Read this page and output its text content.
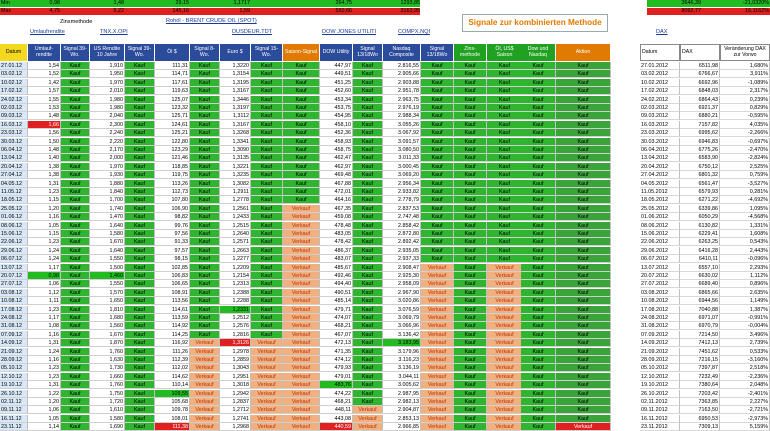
Min	0,98	1,48	29,15	1,1717	264,75	1293,85	3646,39	-21,0320%
Max	4,75	5,22	145,16	1,59	550,66	3163,95	8092,77	16,1162%
Zinsmethode
Umlaufrendite	TNX.X.OPI
Rohöl - BRENT CRUDE OIL (SPOT)
DUSDEUR.TDT	DOW JONES UTILITI	COMPX.NQI	DAX
Signale zur kombinierten Methode
Datum	Umlauf-rendite
Signal 39-Wo.
US Rendite 10 Jahre
Signal 39-Wo.	Öl $	Signal 8-Wo.	Euro $	Signal 15-Wo.	Saison-Signal	DOW Utility	Signal 13/18Wo
Nasdaq Composite
Signal 13/18Wo
Zins-methode
Öl, US$ Saison
Dow und Nasdaq	Aktion	Datum	DAX	Veränderung DAX zur Vorwo
27.01.12	1,54	Kauf	1,910	Kauf	111,31	Kauf	1,3220	Kauf	Kauf	447,97	Kauf	2.816,55	Kauf	Kauf	Kauf	Kauf	Kauf
03.02.12	1,52	Kauf	1,950	Kauf	114,71	Kauf	1,3154	Kauf	Kauf	449,51	Kauf	2.905,66	Kauf	Kauf	Kauf	Kauf	Kauf
10.02.12	1,42	Kauf	1,970	Kauf	117,61	Kauf	1,3195	Kauf	Kauf	451,25	Kauf	2.903,88	Kauf	Kauf	Kauf	Kauf	Kauf
17.02.12	1,57	Kauf	2,010	Kauf	119,63	Kauf	1,3167	Kauf	Kauf	452,60	Kauf	2.951,78	Kauf	Kauf	Kauf	Kauf	Kauf
24.02.12	1,55	Kauf	1,980	Kauf	125,07	Kauf	1,3446	Kauf	Kauf	453,34	Kauf	2.963,75	Kauf	Kauf	Kauf	Kauf	Kauf
02.03.12	1,53	Kauf	1,980	Kauf	123,32	Kauf	1,3197	Kauf	Kauf	453,75	Kauf	2.976,19	Kauf	Kauf	Kauf	Kauf	Kauf
09.03.12	1,48	Kauf	2,040	Kauf	125,71	Kauf	1,3112	Kauf	Kauf	454,95	Kauf	2.988,34	Kauf	Kauf	Kauf	Kauf	Kauf
16.03.12	1,66	Kauf	2,300	Kauf	124,61	Kauf	1,3167	Kauf	Kauf	458,10	Kauf	3.055,26	Kauf	Kauf	Kauf	Kauf	Kauf
23.03.12	1,56	Kauf	2,240	Kauf	125,21	Kauf	1,3268	Kauf	Kauf	452,36	Kauf	3.067,92	Kauf	Kauf	Kauf	Kauf	Kauf
30.03.12	1,50	Kauf	2,220	Kauf	122,80	Kauf	1,3341	Kauf	Kauf	458,93	Kauf	3.091,57	Kauf	Kauf	Kauf	Kauf	Kauf
06.04.12	1,48	Kauf	2,170	Kauf	123,29	Kauf	1,3090	Kauf	Kauf	458,75	Kauf	3.080,50	Kauf	Kauf	Kauf	Kauf	Kauf
13.04.12	1,40	Kauf	2,000	Kauf	121,46	Kauf	1,3135	Kauf	Kauf	462,47	Kauf	3.011,33	Kauf	Kauf	Kauf	Kauf	Kauf
20.04.12	1,38	Kauf	1,970	Kauf	118,85	Kauf	1,3221	Kauf	Kauf	462,97	Kauf	3.000,45	Kauf	Kauf	Kauf	Kauf	Kauf
27.04.12	1,38	Kauf	1,930	Kauf	119,75	Kauf	1,3235	Kauf	Kauf	469,48	Kauf	3.069,20	Kauf	Kauf	Kauf	Kauf	Kauf
04.05.12	1,31	Kauf	1,880	Kauf	113,26	Kauf	1,3082	Kauf	Kauf	467,88	Kauf	2.956,34	Kauf	Kauf	Kauf	Kauf	Kauf
11.05.12	1,23	Kauf	1,840	Kauf	112,73	Kauf	1,2911	Kauf	Kauf	472,01	Kauf	2.933,82	Kauf	Kauf	Kauf	Kauf	Kauf
18.05.12	1,15	Kauf	1,700	Kauf	107,80	Kauf	1,2778	Kauf	Kauf	464,16	Kauf	2.778,79	Kauf	Kauf	Kauf	Kauf	Kauf
25.05.12	1,20	Kauf	1,740	Kauf	106,90	Kauf	1,2561	Kauf	Verkauf	467,35	Kauf	2.837,53	Kauf	Kauf	Kauf	Kauf	Kauf
01.06.12	1,16	Kauf	1,470	Kauf	98,82	Kauf	1,2433	Kauf	Verkauf	459,08	Kauf	2.747,48	Kauf	Kauf	Kauf	Kauf	Kauf
08.06.12	1,05	Kauf	1,640	Kauf	99,76	Kauf	1,2515	Kauf	Verkauf	478,48	Kauf	2.858,42	Kauf	Kauf	Kauf	Kauf	Kauf
15.06.12	1,15	Kauf	1,580	Kauf	97,56	Kauf	1,2640	Kauf	Verkauf	483,05	Kauf	2.872,80	Kauf	Kauf	Kauf	Kauf	Kauf
22.06.12	1,23	Kauf	1,670	Kauf	91,33	Kauf	1,2571	Kauf	Verkauf	478,42	Kauf	2.892,42	Kauf	Kauf	Kauf	Kauf	Kauf
29.06.12	1,24	Kauf	1,640	Kauf	97,57	Kauf	1,2663	Kauf	Verkauf	486,37	Kauf	2.935,05	Kauf	Kauf	Kauf	Kauf	Kauf
06.07.12	1,24	Kauf	1,550	Kauf	98,15	Kauf	1,2277	Kauf	Verkauf	483,07	Kauf	2.937,33	Kauf	Kauf	Kauf	Kauf	Kauf
13.07.12	1,17	Kauf	1,500	Kauf	102,85	Kauf	1,2209	Kauf	Verkauf	485,67	Kauf	2.908,47	Verkauf	Kauf	Verkauf	Kauf	Kauf
20.07.12	0,98	Kauf	1,460	Kauf	106,83	Kauf	1,2154	Kauf	Verkauf	492,46	Kauf	2.925,30	Verkauf	Kauf	Verkauf	Kauf	Kauf
27.07.12	1,06	Kauf	1,550	Kauf	106,65	Kauf	1,2313	Kauf	Verkauf	494,40	Kauf	2.958,09	Verkauf	Kauf	Verkauf	Kauf	Kauf
03.08.12	1,12	Kauf	1,570	Kauf	108,91	Kauf	1,2388	Kauf	Verkauf	490,51	Kauf	2.967,90	Verkauf	Kauf	Verkauf	Kauf	Kauf
10.08.12	1,11	Kauf	1,650	Kauf	113,56	Kauf	1,2288	Kauf	Verkauf	485,14	Kauf	3.020,86	Verkauf	Kauf	Verkauf	Kauf	Kauf
17.08.12	1,23	Kauf	1,810	Kauf	114,61	Kauf	1,2331	Kauf	Verkauf	479,71	Kauf	3.076,59	Verkauf	Kauf	Verkauf	Kauf	Kauf
24.08.12	1,17	Kauf	1,680	Kauf	113,59	Kauf	1,2512	Kauf	Verkauf	474,07	Kauf	3.069,79	Verkauf	Kauf	Verkauf	Kauf	Kauf
31.08.12	1,08	Kauf	1,560	Kauf	114,92	Kauf	1,2576	Kauf	Verkauf	468,21	Kauf	3.066,96	Verkauf	Kauf	Verkauf	Kauf	Kauf
07.09.12	1,16	Kauf	1,670	Kauf	114,25	Kauf	1,2816	Kauf	Verkauf	467,07	Kauf	3.136,42	Verkauf	Kauf	Verkauf	Kauf	Kauf
14.09.12	1,31	Kauf	1,870	Kauf	116,92	Verkauf	1,3126	Verkauf	Verkauf	472,13	Kauf	3.183,95	Verkauf	Kauf	Verkauf	Kauf	Kauf
21.09.12	1,24	Kauf	1,760	Kauf	111,26	Verkauf	1,2978	Verkauf	Verkauf	471,35	Kauf	3.179,96	Verkauf	Kauf	Verkauf	Kauf	Kauf
28.09.12	1,16	Kauf	1,630	Kauf	112,39	Verkauf	1,2859	Verkauf	Verkauf	474,12	Kauf	3.116,23	Verkauf	Kauf	Verkauf	Kauf	Kauf
05.10.12	1,23	Kauf	1,730	Kauf	112,02	Verkauf	1,3043	Verkauf	Verkauf	479,93	Kauf	3.136,19	Verkauf	Kauf	Verkauf	Kauf	Kauf
12.10.12	1,23	Kauf	1,660	Kauf	114,62	Verkauf	1,2951	Verkauf	Verkauf	479,01	Kauf	3.044,11	Verkauf	Kauf	Verkauf	Kauf	Kauf
19.10.12	1,31	Kauf	1,760	Kauf	110,14	Verkauf	1,3018	Verkauf	Verkauf	483,76	Kauf	3.005,62	Verkauf	Kauf	Verkauf	Kauf	Kauf
26.10.12	1,22	Kauf	1,750	Kauf	109,55	Verkauf	1,2942	Verkauf	Verkauf	474,22	Kauf	2.987,95	Verkauf	Kauf	Verkauf	Kauf	Kauf
02.11.12	1,20	Kauf	1,720	Kauf	105,68	Verkauf	1,2837	Verkauf	Verkauf	468,21	Kauf	2.982,13	Verkauf	Kauf	Verkauf	Kauf	Kauf
09.11.12	1,06	Kauf	1,610	Kauf	109,78	Verkauf	1,2712	Verkauf	Verkauf	448,11	Verkauf	2.904,87	Verkauf	Kauf	Verkauf	Kauf	Kauf
16.11.12	1,05	Kauf	1,580	Kauf	108,01	Verkauf	1,2741	Verkauf	Verkauf	443,08	Verkauf	2.853,13	Verkauf	Kauf	Verkauf	Kauf	Kauf
23.11.12	1,14	Kauf	1,690	Kauf	111,38	Verkauf	1,2968	Verkauf	Verkauf	440,59	Verkauf	2.966,85	Verkauf	Kauf	Verkauf	Kauf	Verkauf
27.01.2012	6511,98	1,680%
03.02.2012	6766,67	3,911%
10.02.2012	6692,96	-1,089%
17.02.2012	6848,03	2,317%
24.02.2012	6864,43	0,239%
02.03.2012	6921,37	0,829%
09.03.2012	6880,21	-0,595%
16.03.2012	7157,82	4,035%
23.03.2012	6995,62	-2,266%
30.03.2012	6946,83	-0,697%
06.04.2012	6775,26	-2,470%
13.04.2012	6583,90	-2,824%
20.04.2012	6750,12	2,525%
27.04.2012	6801,32	0,759%
04.05.2012	6561,47	-3,527%
11.05.2012	6579,93	0,281%
18.05.2012	6271,22	-4,692%
25.05.2012	6339,86	1,095%
01.06.2012	6050,29	-4,568%
08.06.2012	6130,82	1,331%
15.06.2012	6229,41	1,608%
22.06.2012	6263,25	0,543%
29.06.2012	6416,28	2,443%
06.07.2012	6410,11	-0,096%
13.07.2012	6557,10	2,293%
20.07.2012	6630,02	1,112%
27.07.2012	6689,40	0,896%
03.08.2012	6865,66	2,635%
10.08.2012	6944,56	1,149%
17.08.2012	7040,88	1,387%
24.08.2012	6971,07	-0,991%
31.08.2012	6970,79	-0,004%
07.09.2012	7214,50	3,496%
14.09.2012	7412,13	2,739%
21.09.2012	7451,62	0,533%
28.09.2012	7216,15	-3,160%
05.10.2012	7397,87	2,518%
12.10.2012	7232,49	-2,236%
19.10.2012	7380,64	2,048%
26.10.2012	7203,42	-2,401%
02.11.2012	7363,85	2,227%
09.11.2012	7163,50	-2,721%
16.11.2012	6950,53	-2,973%
23.11.2012	7309,13	5,159%
